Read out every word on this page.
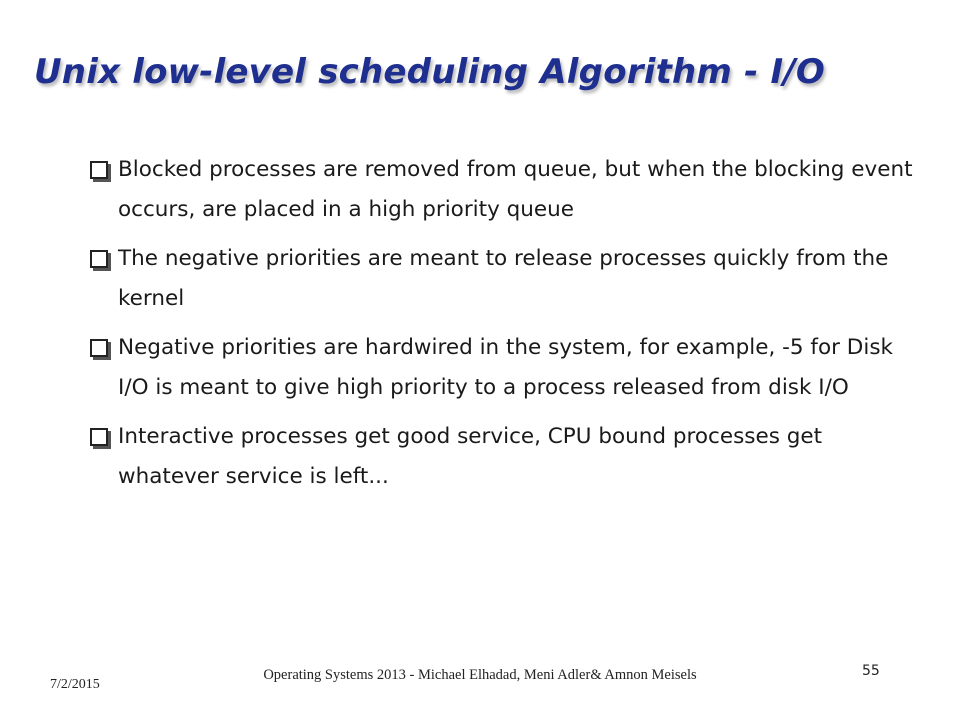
Unix low-level scheduling Algorithm - I/O
Blocked processes are removed from queue, but when the blocking event occurs, are placed in a high priority queue
The negative priorities are meant to release processes quickly from the kernel
Negative priorities are hardwired in the system, for example, -5 for Disk I/O is meant to give high priority to a process released from disk I/O
Interactive processes get good service, CPU bound processes get whatever service is left...
7/2/2015
Operating Systems 2013 - Michael Elhadad, Meni Adler& Amnon Meisels	55
